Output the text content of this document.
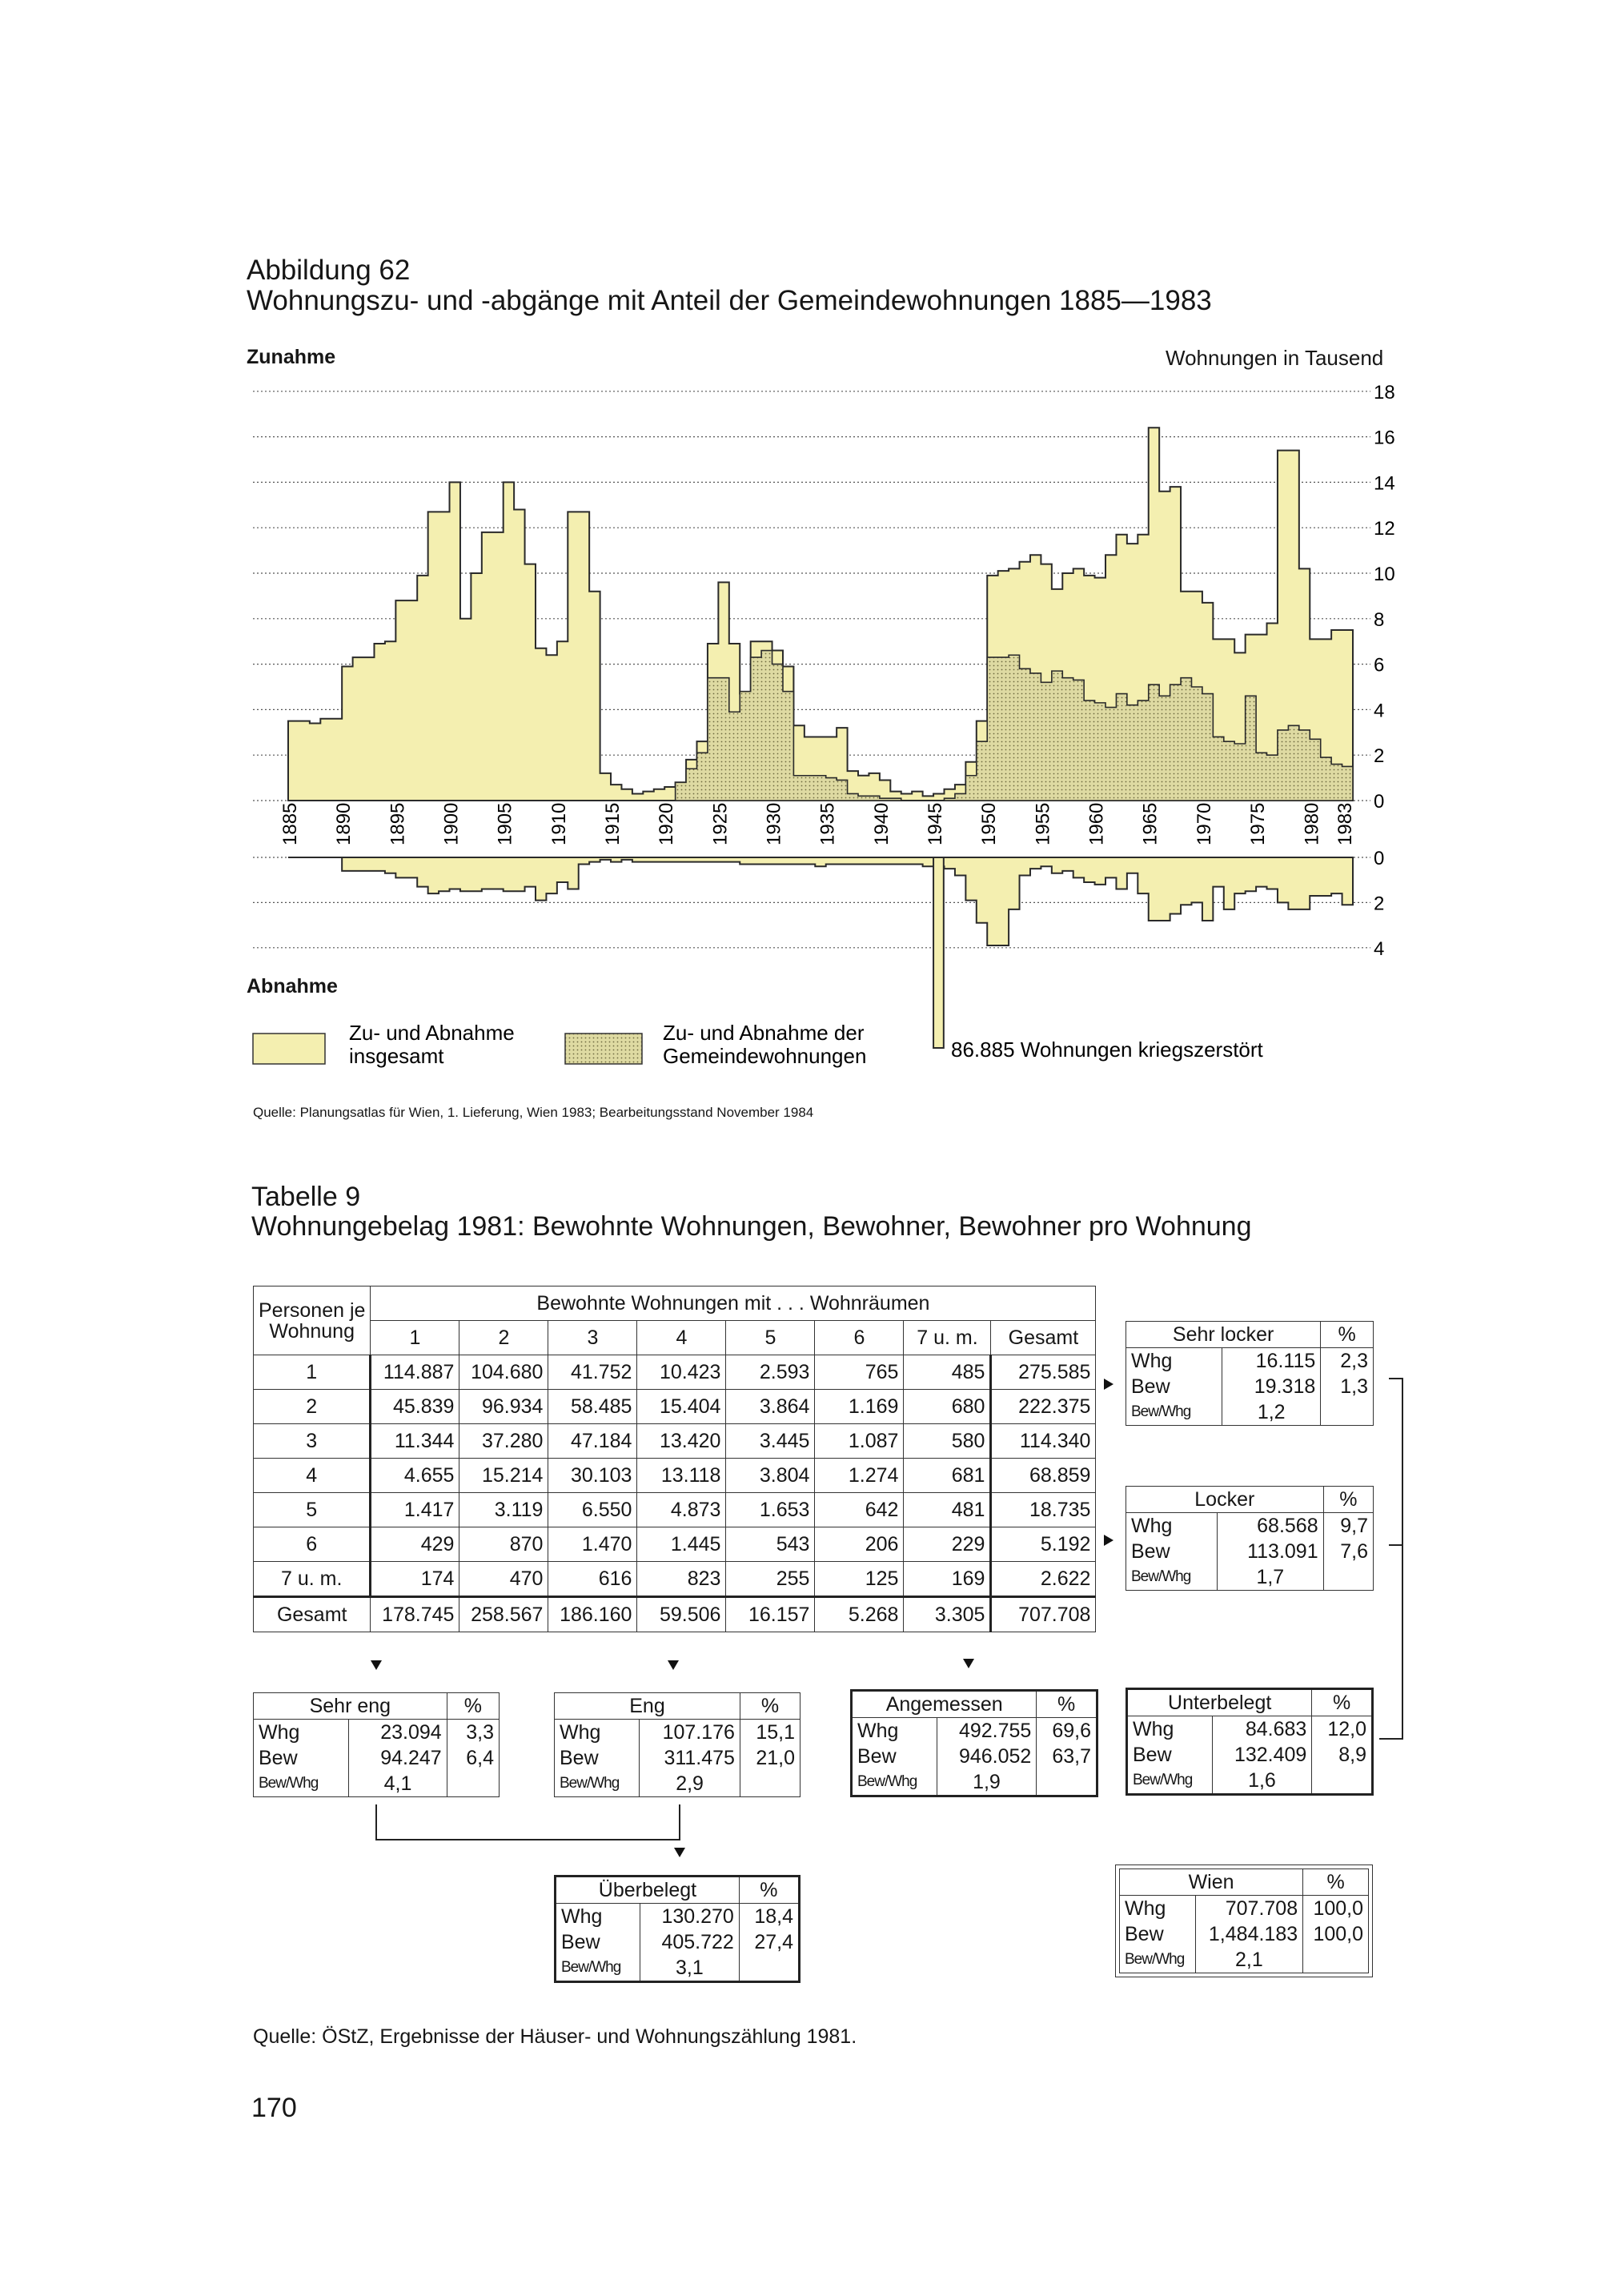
Abbildung 62
Wohnungszu- und -abgänge mit Anteil der Gemeindewohnungen 1885—1983
Zunahme	Wohnungen in Tausend
Abnahme
18
16
14
12
10
8
6
4
2
0
0
2
4
1885 1890 1895 1900 1905 1910 1915 1920 1925 1930 1935 1940 1945 1950 1955 1960 1965 1970 1975 1980 1983
Zu- und Abnahme
insgesamt
Zu- und Abnahme der
Gemeindewohnungen	86.885 Wohnungen kriegszerstört
Quelle: Planungsatlas für Wien, 1. Lieferung, Wien 1983; Bearbeitungsstand November 1984
Tabelle 9
Wohnungebelag 1981: Bewohnte Wohnungen, Bewohner, Bewohner pro Wohnung
Personen je
Wohnung	Bewohnte Wohnungen mit . . . Wohnräumen							
	1	2	3	4	5	6	7 u. m.	Gesamt
1	114.887	104.680	41.752	10.423	2.593	765	485	275.585
2	45.839	96.934	58.485	15.404	3.864	1.169	680	222.375
3	11.344	37.280	47.184	13.420	3.445	1.087	580	114.340
4	4.655	15.214	30.103	13.118	3.804	1.274	681	68.859
5	1.417	3.119	6.550	4.873	1.653	642	481	18.735
6	429	870	1.470	1.445	543	206	229	5.192
7 u. m.	174	470	616	823	255	125	169	2.622
Gesamt	178.745	258.567	186.160	59.506	16.157	5.268	3.305	707.708
Sehr eng		%
Whg	23.094	3,3
Bew	94.247	6,4
Bew/Whg	4,1	
Eng		%
Whg	107.176	15,1
Bew	311.475	21,0
Bew/Whg	2,9	
Angemessen		%
Whg	492.755	69,6
Bew	946.052	63,7
Bew/Whg	1,9	
Unterbelegt		%
Whg	84.683	12,0
Bew	132.409	8,9
Bew/Whg	1,6	
Sehr locker		%
Whg	16.115	2,3
Bew	19.318	1,3
Bew/Whg	1,2	
Locker		%
Whg	68.568	9,7
Bew	113.091	7,6
Bew/Whg	1,7	
Überbelegt		%
Whg	130.270	18,4
Bew	405.722	27,4
Bew/Whg	3,1	
Wien		%
Whg	707.708	100,0
Bew	1,484.183	100,0
Bew/Whg	2,1	
Quelle: ÖStZ, Ergebnisse der Häuser- und Wohnungszählung 1981.
170
